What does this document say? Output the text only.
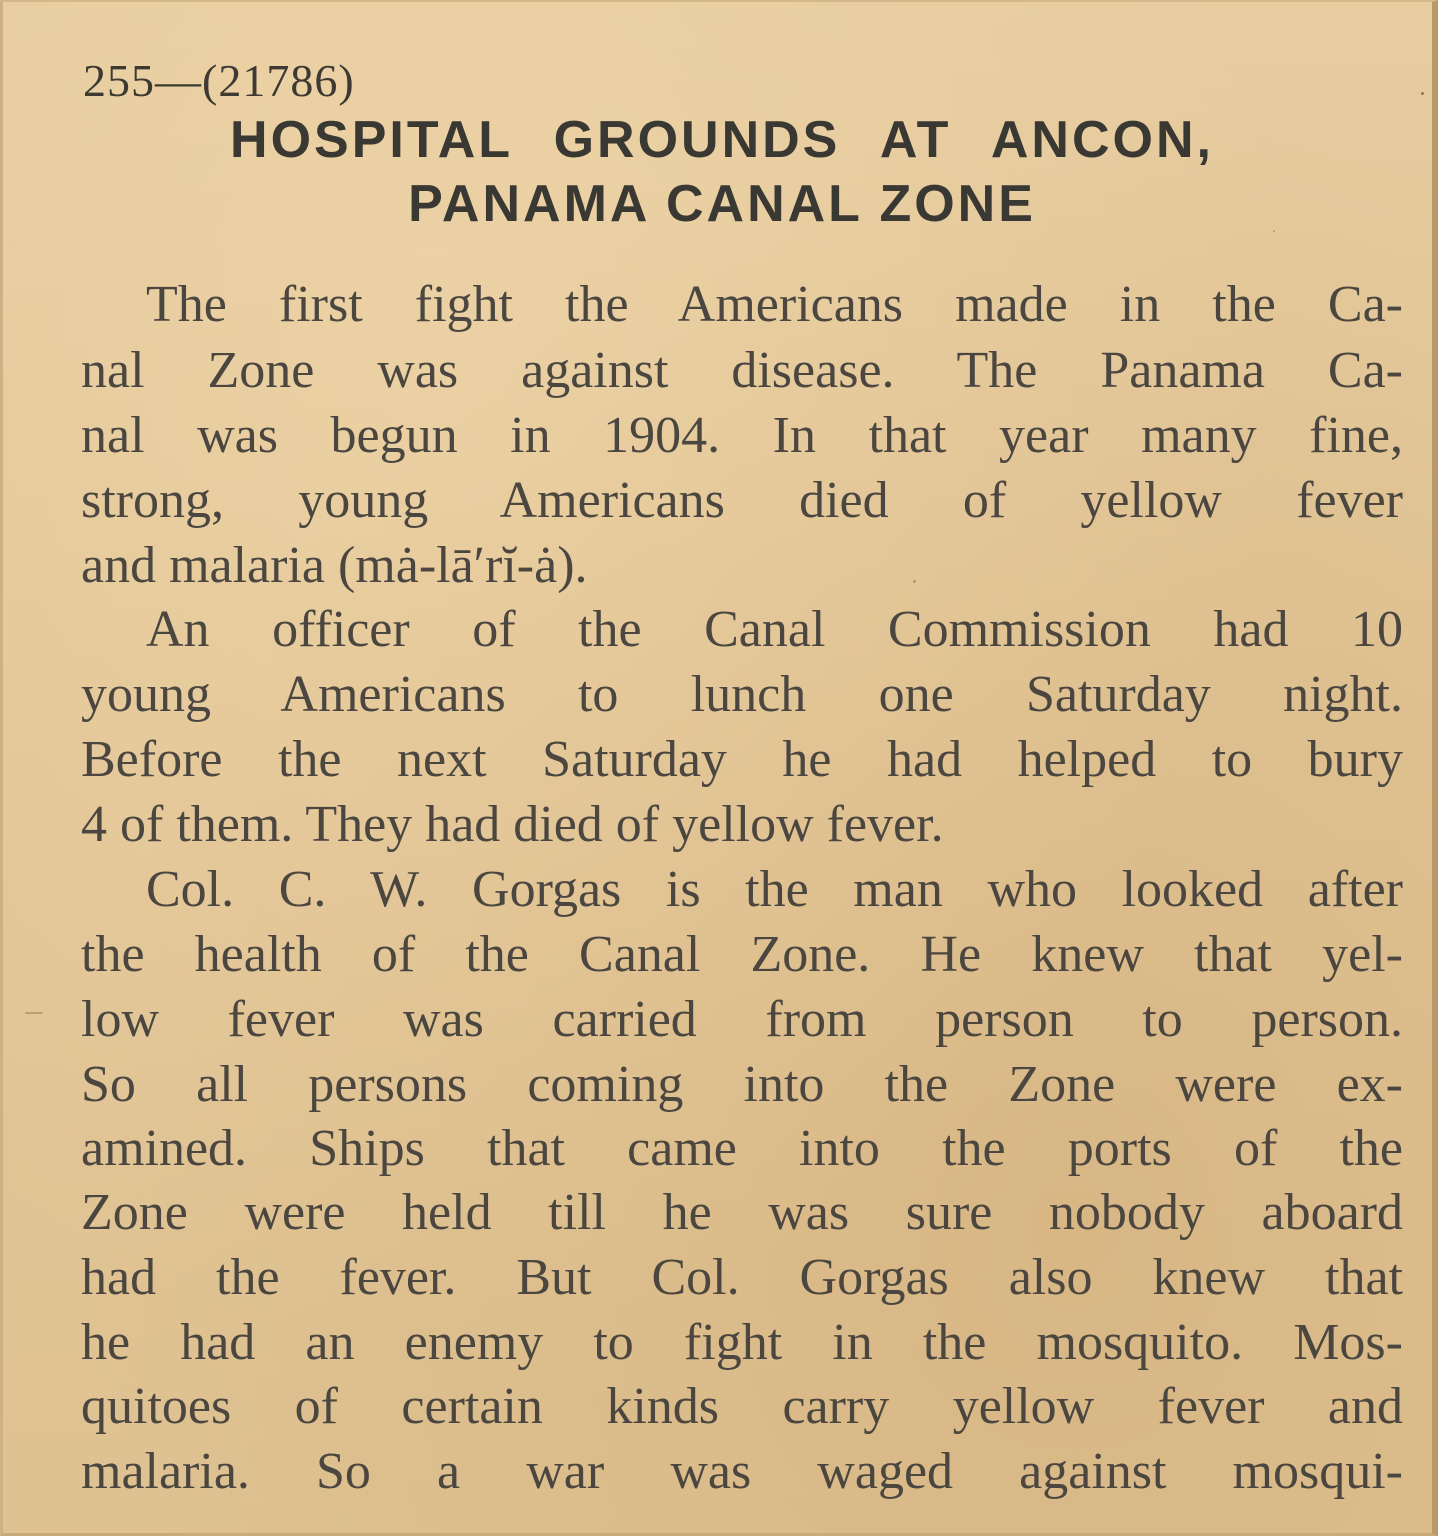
255—(21786)
HOSPITAL GROUNDS AT ANCON,
PANAMA CANAL ZONE
The first fight the Americans made in the Ca-
nal Zone was against disease. The Panama Ca-
nal was begun in 1904. In that year many fine,
strong, young Americans died of yellow fever
and malaria (mȧ-lā′rĭ-ȧ).
An officer of the Canal Commission had 10
young Americans to lunch one Saturday night.
Before the next Saturday he had helped to bury
4 of them. They had died of yellow fever.
Col. C. W. Gorgas is the man who looked after
the health of the Canal Zone. He knew that yel-
low fever was carried from person to person.
So all persons coming into the Zone were ex-
amined. Ships that came into the ports of the
Zone were held till he was sure nobody aboard
had the fever. But Col. Gorgas also knew that
he had an enemy to fight in the mosquito. Mos-
quitoes of certain kinds carry yellow fever and
malaria. So a war was waged against mosqui-
